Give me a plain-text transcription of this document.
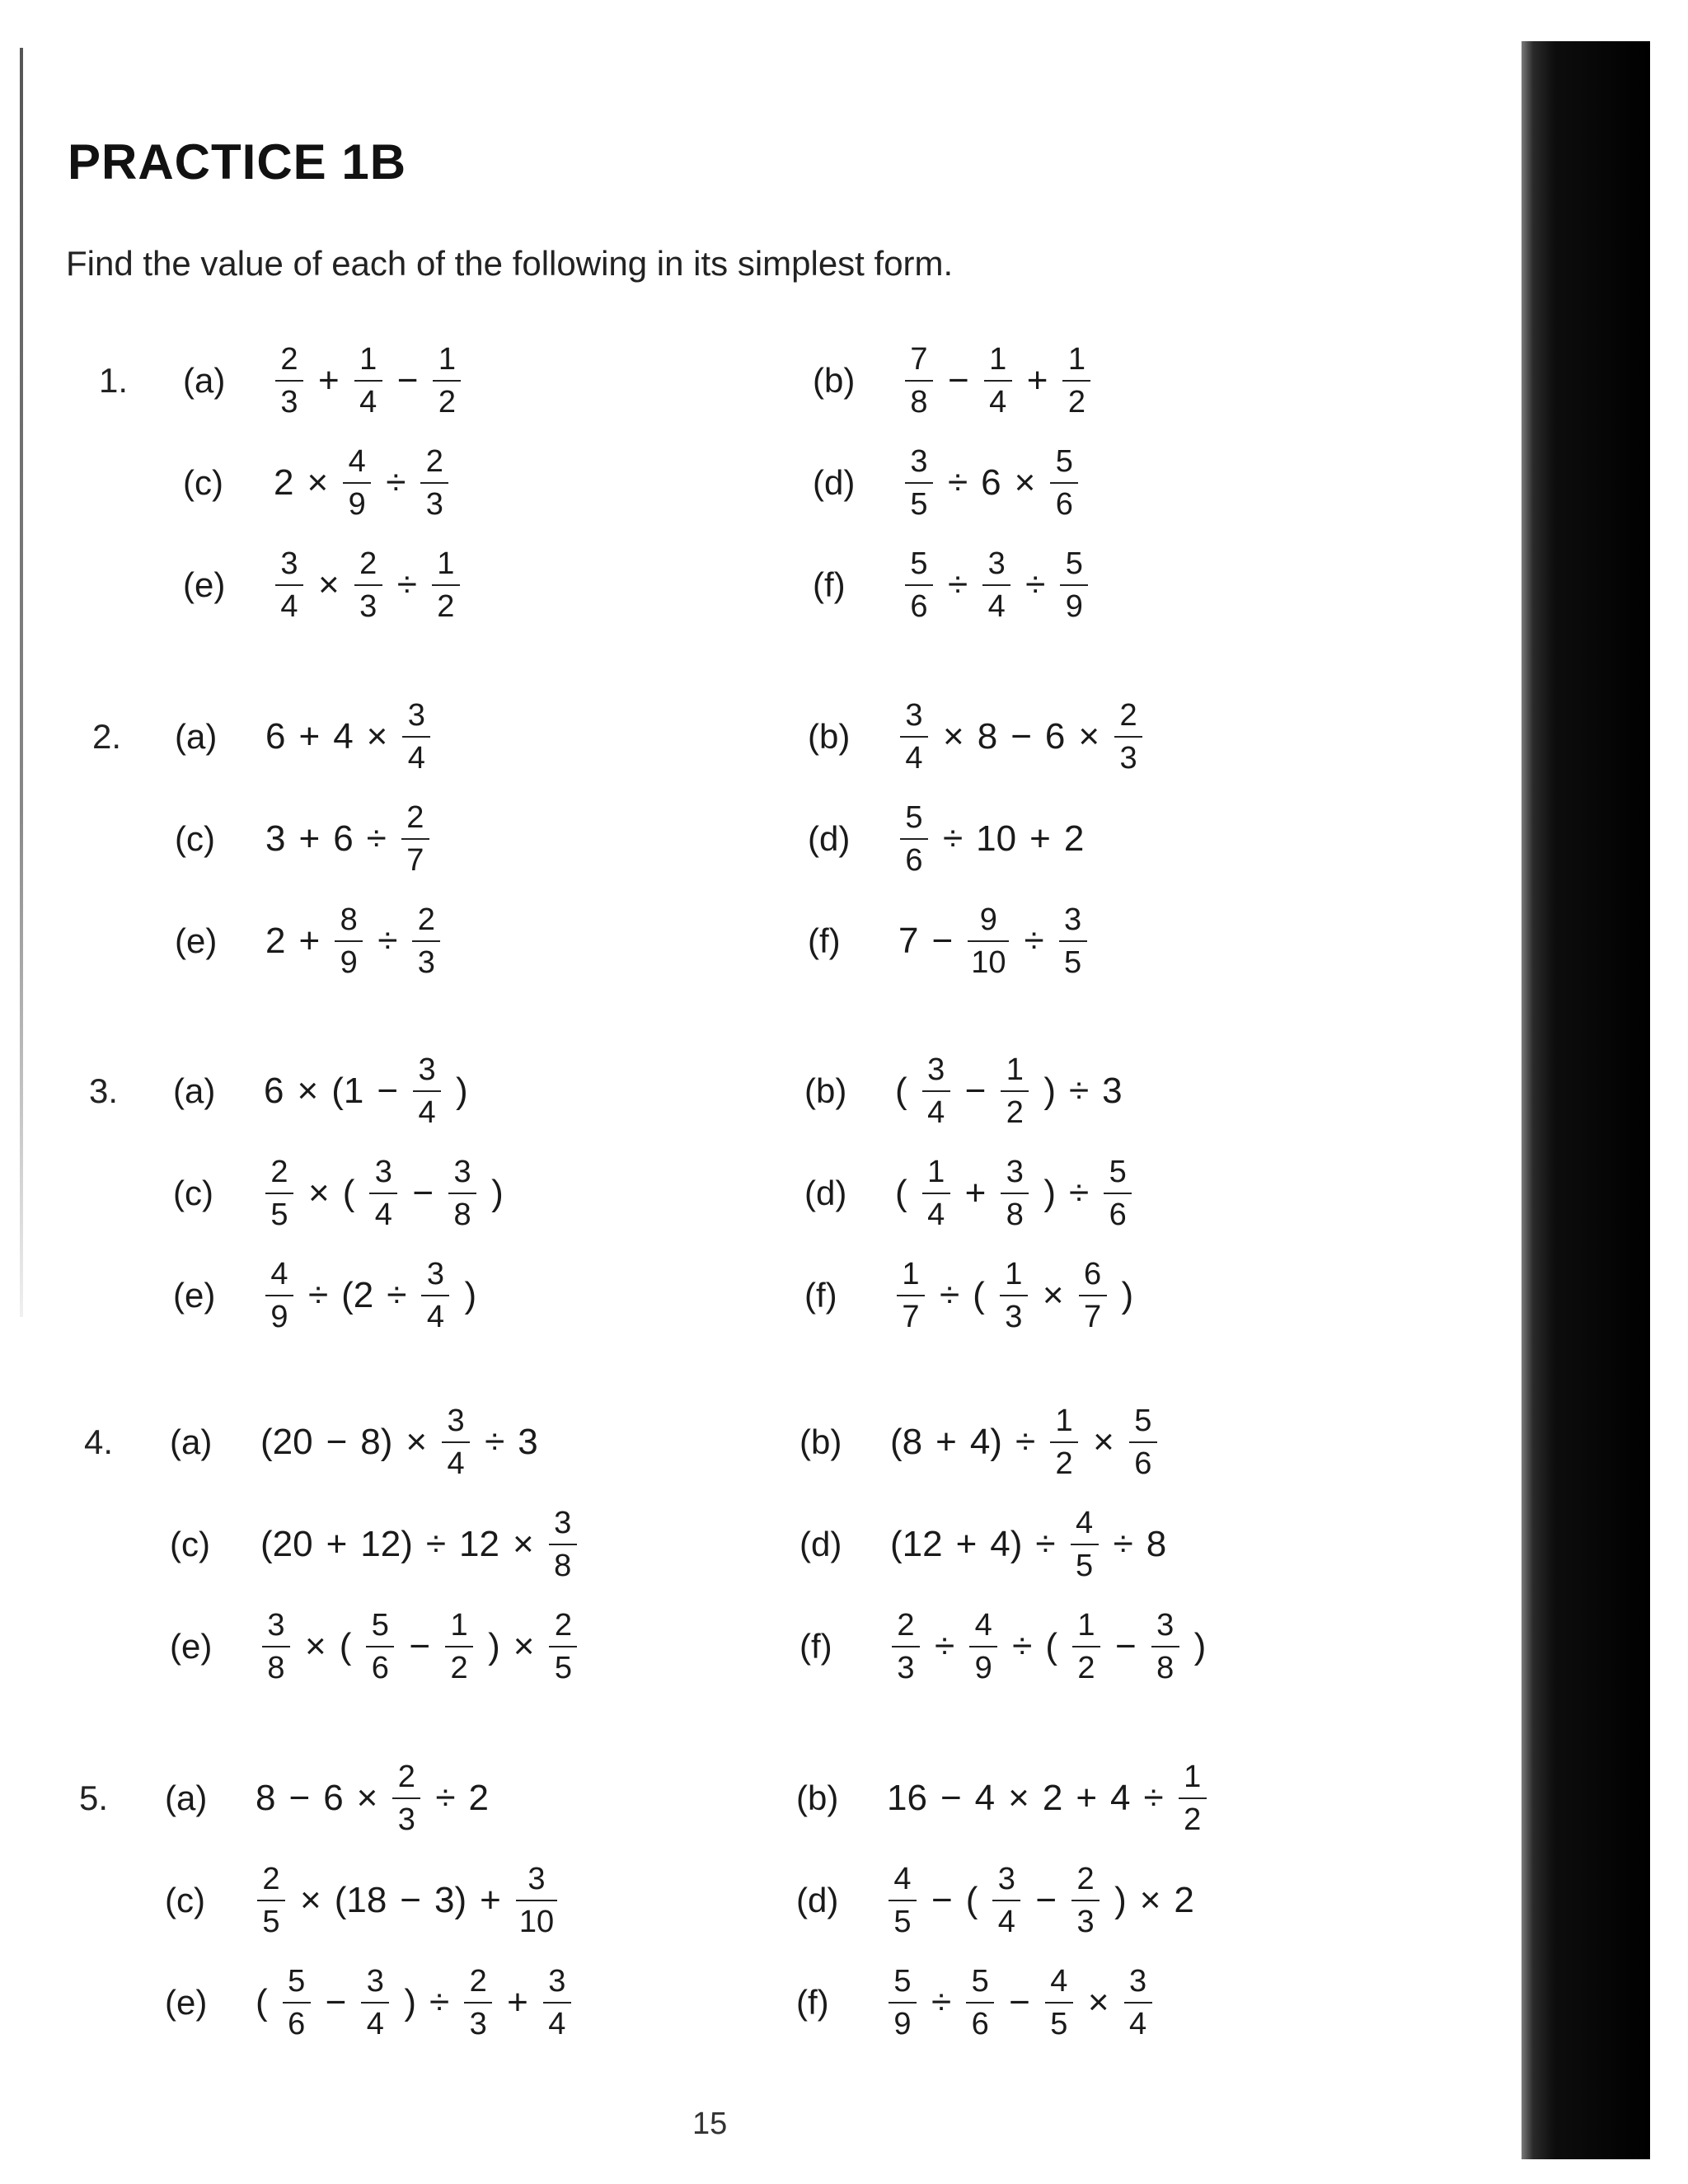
PRACTICE 1B

Find the value of each of the following in its simplest form.

1. (a)	$\frac{2}{3} + \frac{1}{4} - \frac{1}{2}$	(b)	$\frac{7}{8} - \frac{1}{4} + \frac{1}{2}$
(c)	$2 \times \frac{4}{9} \div \frac{2}{3}$	(d)	$\frac{3}{5} \div 6 \times \frac{5}{6}$
(e)	$\frac{3}{4} \times \frac{2}{3} \div \frac{1}{2}$	(f)	$\frac{5}{6} \div \frac{3}{4} \div \frac{5}{9}$
2. (a)	$6 + 4 \times \frac{3}{4}$	(b)	$\frac{3}{4} \times 8 - 6 \times \frac{2}{3}$
(c)	$3 + 6 \div \frac{2}{7}$	(d)	$\frac{5}{6} \div 10 + 2$
(e)	$2 + \frac{8}{9} \div \frac{2}{3}$	(f)	$7 - \frac{9}{10} \div \frac{3}{5}$
3. (a)	$6 \times (1 - \frac{3}{4}$ )	(b)	( $\frac{3}{4} - \frac{1}{2}$ ) ÷ 3
(c)	$\frac{2}{5}$ × ( $\frac{3}{4} - \frac{3}{8}$ )	(d)	( $\frac{1}{4} + \frac{3}{8}$ ) ÷ $\frac{5}{6}$
(e)	$\frac{4}{9} \div (2 \div \frac{3}{4}$ )	(f)	$\frac{1}{7}$ ÷ ( $\frac{1}{3} \times \frac{6}{7}$ )
4. (a)	$(20 - 8) \times \frac{3}{4} \div 3$	(b)	$(8 + 4) \div \frac{1}{2} \times \frac{5}{6}$
(c)	$(20 + 12) \div 12 \times \frac{3}{8}$	(d)	$(12 + 4) \div \frac{4}{5} \div 8$
(e)	$\frac{3}{8}$ × ( $\frac{5}{6} - \frac{1}{2}$ ) × $\frac{2}{5}$	(f)	$\frac{2}{3} \div \frac{4}{9}$ ÷ ( $\frac{1}{2} - \frac{3}{8}$ )
5. (a)	$8 - 6 \times \frac{2}{3} \div 2$	(b)	$16 - 4 \times 2 + 4 \div \frac{1}{2}$
(c)	$\frac{2}{5} \times (18 - 3) + \frac{3}{10}$	(d)	$\frac{4}{5}$ − ( $\frac{3}{4} - \frac{2}{3}$ ) × 2
(e)	( $\frac{5}{6} - \frac{3}{4}$ ) ÷ $\frac{2}{3} + \frac{3}{4}$	(f)	$\frac{5}{9} \div \frac{5}{6} - \frac{4}{5} \times \frac{3}{4}$
15
